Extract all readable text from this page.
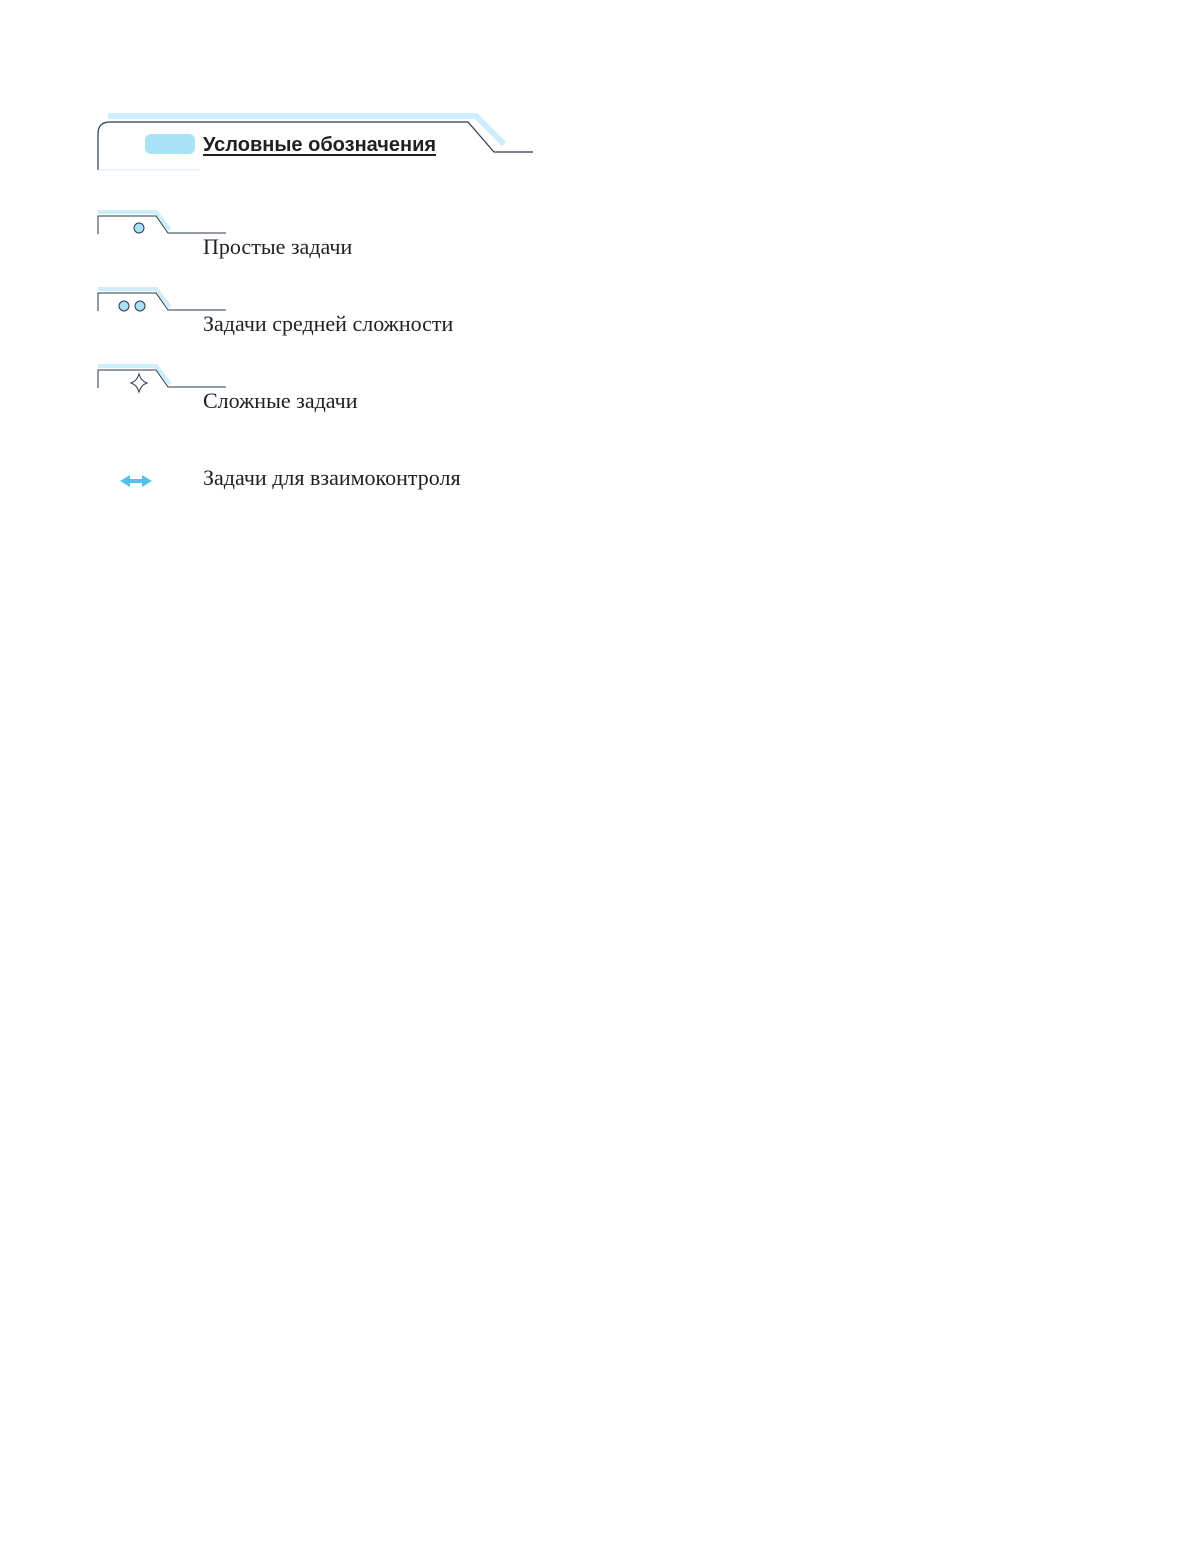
Условные обозначения
Простые задачи
Задачи средней сложности
Сложные задачи
Задачи для взаимоконтроля
